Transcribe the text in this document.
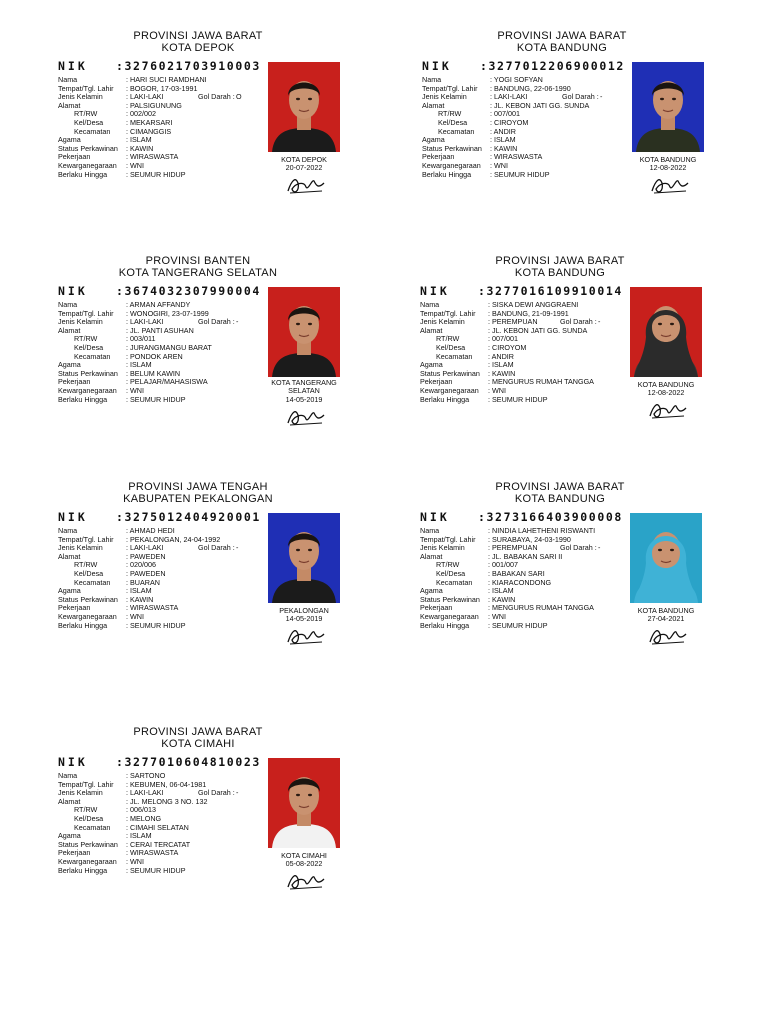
PROVINSI JAWA BARAT
KOTA DEPOK
NIK :3276021703910003
Nama	: HARI SUCI RAMDHANI
Tempat/Tgl. Lahir	: BOGOR, 17-03-1991
Jenis Kelamin	: LAKI-LAKI	Gol Darah : O
Alamat	: PALSIGUNUNG
RT/RW	: 002/002
Kel/Desa	: MEKARSARI
Kecamatan	: CIMANGGIS
Agama	: ISLAM
Status Perkawinan	: KAWIN
Pekerjaan	: WIRASWASTA
Kewarganegaraan	: WNI
Berlaku Hingga	: SEUMUR HIDUP
KOTA DEPOK
20-07-2022
PROVINSI JAWA BARAT
KOTA BANDUNG
NIK :3277012206900012
Nama	: YOGI SOFYAN
Tempat/Tgl. Lahir	: BANDUNG, 22-06-1990
Jenis Kelamin	: LAKI-LAKI	Gol Darah : -
Alamat	: JL. KEBON JATI GG. SUNDA
RT/RW	: 007/001
Kel/Desa	: CIROYOM
Kecamatan	: ANDIR
Agama	: ISLAM
Status Perkawinan	: KAWIN
Pekerjaan	: WIRASWASTA
Kewarganegaraan	: WNI
Berlaku Hingga	: SEUMUR HIDUP
KOTA BANDUNG
12-08-2022
PROVINSI BANTEN
KOTA TANGERANG SELATAN
NIK :3674032307990004
Nama	: ARMAN AFFANDY
Tempat/Tgl. Lahir	: WONOGIRI, 23-07-1999
Jenis Kelamin	: LAKI-LAKI	Gol Darah : -
Alamat	: JL. PANTI ASUHAN
RT/RW	: 003/011
Kel/Desa	: JURANGMANGU BARAT
Kecamatan	: PONDOK AREN
Agama	: ISLAM
Status Perkawinan	: BELUM KAWIN
Pekerjaan	: PELAJAR/MAHASISWA
Kewarganegaraan	: WNI
Berlaku Hingga	: SEUMUR HIDUP
KOTA TANGERANG
SELATAN
14-05-2019
PROVINSI JAWA BARAT
KOTA BANDUNG
NIK :3277016109910014
Nama	: SISKA DEWI ANGGRAENI
Tempat/Tgl. Lahir	: BANDUNG, 21-09-1991
Jenis Kelamin	: PEREMPUAN	Gol Darah : -
Alamat	: JL. KEBON JATI GG. SUNDA
RT/RW	: 007/001
Kel/Desa	: CIROYOM
Kecamatan	: ANDIR
Agama	: ISLAM
Status Perkawinan	: KAWIN
Pekerjaan	: MENGURUS RUMAH TANGGA
Kewarganegaraan	: WNI
Berlaku Hingga	: SEUMUR HIDUP
KOTA BANDUNG
12-08-2022
PROVINSI JAWA TENGAH
KABUPATEN PEKALONGAN
NIK :3275012404920001
Nama	: AHMAD HEDI
Tempat/Tgl. Lahir	: PEKALONGAN, 24-04-1992
Jenis Kelamin	: LAKI-LAKI	Gol Darah : -
Alamat	: PAWEDEN
RT/RW	: 020/006
Kel/Desa	: PAWEDEN
Kecamatan	: BUARAN
Agama	: ISLAM
Status Perkawinan	: KAWIN
Pekerjaan	: WIRASWASTA
Kewarganegaraan	: WNI
Berlaku Hingga	: SEUMUR HIDUP
PEKALONGAN
14-05-2019
PROVINSI JAWA BARAT
KOTA BANDUNG
NIK :3273166403900008
Nama	: NINDIA LAHETHENI RISWANTI
Tempat/Tgl. Lahir	: SURABAYA, 24-03-1990
Jenis Kelamin	: PEREMPUAN	Gol Darah : -
Alamat	: JL. BABAKAN SARI II
RT/RW	: 001/007
Kel/Desa	: BABAKAN SARI
Kecamatan	: KIARACONDONG
Agama	: ISLAM
Status Perkawinan	: KAWIN
Pekerjaan	: MENGURUS RUMAH TANGGA
Kewarganegaraan	: WNI
Berlaku Hingga	: SEUMUR HIDUP
KOTA BANDUNG
27-04-2021
PROVINSI JAWA BARAT
KOTA CIMAHI
NIK :3277010604810023
Nama	: SARTONO
Tempat/Tgl. Lahir	: KEBUMEN, 06-04-1981
Jenis Kelamin	: LAKI-LAKI	Gol Darah : -
Alamat	: JL. MELONG 3 NO. 132
RT/RW	: 006/013
Kel/Desa	: MELONG
Kecamatan	: CIMAHI SELATAN
Agama	: ISLAM
Status Perkawinan	: CERAI TERCATAT
Pekerjaan	: WIRASWASTA
Kewarganegaraan	: WNI
Berlaku Hingga	: SEUMUR HIDUP
KOTA CIMAHI
05-08-2022
